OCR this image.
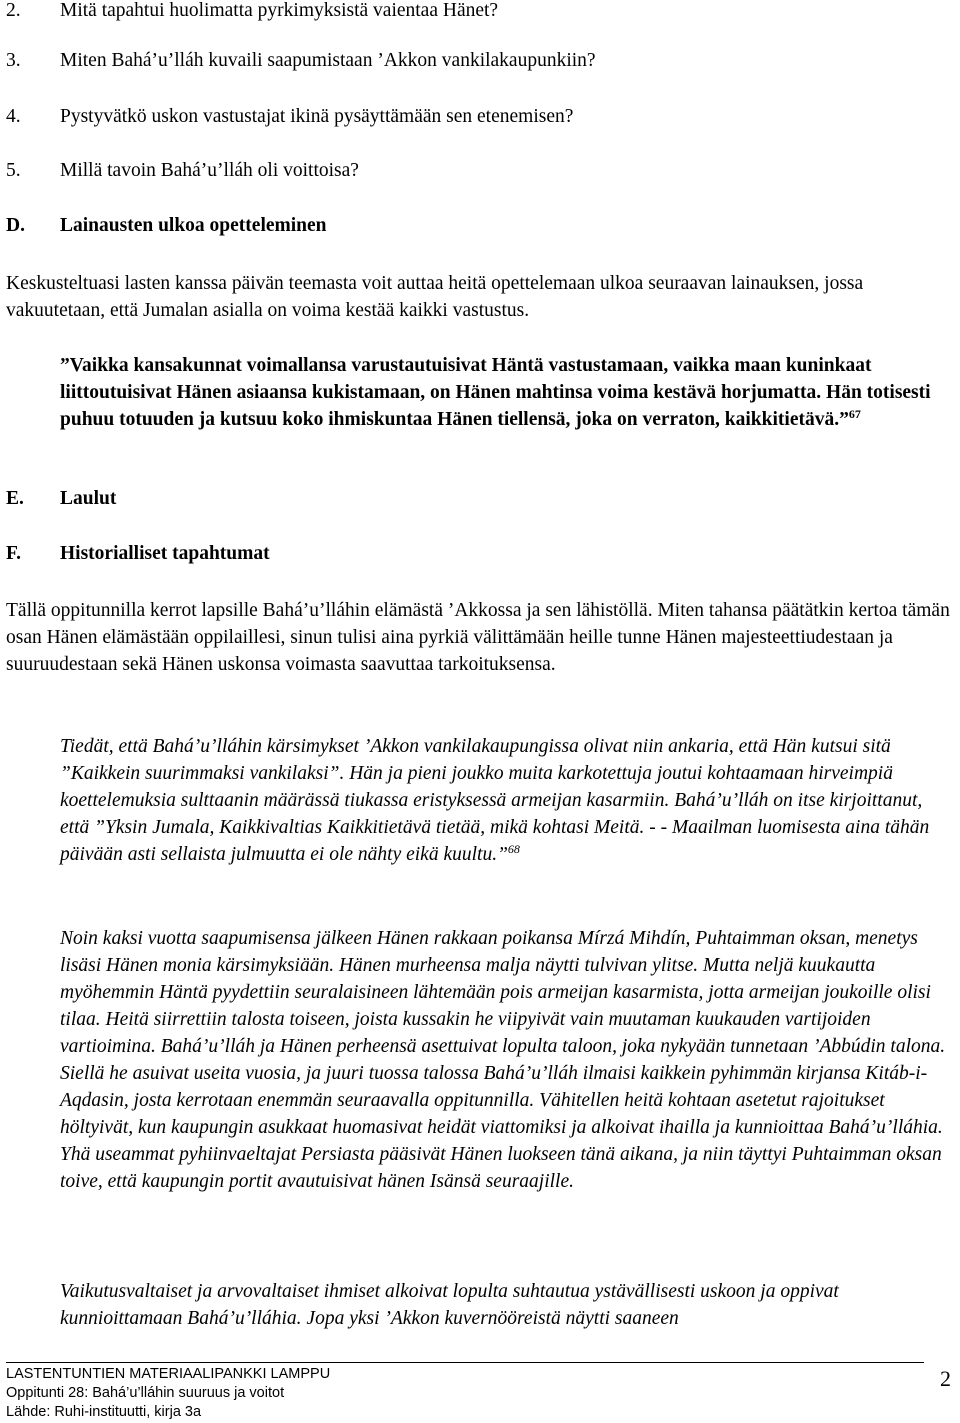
2. Mitä tapahtui huolimatta pyrkimyksistä vaientaa Hänet?
3. Miten Bahá’u’lláh kuvaili saapumistaan ’Akkon vankilakaupunkiin?
4. Pystyvätkö uskon vastustajat ikinä pysäyttämään sen etenemisen?
5. Millä tavoin Bahá’u’lláh oli voittoisa?
D. Lainausten ulkoa opetteleminen
Keskusteltuasi lasten kanssa päivän teemasta voit auttaa heitä opettelemaan ulkoa seuraavan lainauksen, jossa vakuutetaan, että Jumalan asialla on voima kestää kaikki vastustus.
”Vaikka kansakunnat voimallansa varustautuisivat Häntä vastustamaan, vaikka maan kuninkaat liittoutuisivat Hänen asiaansa kukistamaan, on Hänen mahtinsa voima kestävä horjumatta. Hän totisesti puhuu totuuden ja kutsuu koko ihmiskuntaa Hänen tiellensä, joka on verraton, kaikkitietävä.”$^{67}$
E. Laulut
F. Historialliset tapahtumat
Tällä oppitunnilla kerrot lapsille Bahá’u’lláhin elämästä ’Akkossa ja sen lähistöllä. Miten tahansa päätätkin kertoa tämän osan Hänen elämästään oppilaillesi, sinun tulisi aina pyrkiä välittämään heille tunne Hänen majesteettiudestaan ja suuruudestaan sekä Hänen uskonsa voimasta saavuttaa tarkoituksensa.
Tiedät, että Bahá’u’lláhin kärsimykset ’Akkon vankilakaupungissa olivat niin ankaria, että Hän kutsui sitä ”Kaikkein suurimmaksi vankilaksi”. Hän ja pieni joukko muita karkotettuja joutui kohtaamaan hirveimpiä koettelemuksia sulttaanin määrässä tiukassa eristyksessä armeijan kasarmiin. Bahá’u’lláh on itse kirjoittanut, että ”Yksin Jumala, Kaikkivaltias Kaikkitietävä tietää, mikä kohtasi Meitä. - - Maailman luomisesta aina tähän päivään asti sellaista julmuutta ei ole nähty eikä kuultu.”$^{68}$
Noin kaksi vuotta saapumisensa jälkeen Hänen rakkaan poikansa Mírzá Mihdín, Puhtaimman oksan, menetys lisäsi Hänen monia kärsimyksiään. Hänen murheensa malja näytti tulvivan ylitse. Mutta neljä kuukautta myöhemmin Häntä pyydettiin seuralaisineen lähtemään pois armeijan kasarmista, jotta armeijan joukoille olisi tilaa. Heitä siirrettiin talosta toiseen, joista kussakin he viipyivät vain muutaman kuukauden vartijoiden vartioimina. Bahá’u’lláh ja Hänen perheensä asettuivat lopulta taloon, joka nykyään tunnetaan ’Abbúdin talona. Siellä he asuivat useita vuosia, ja juuri tuossa talossa Bahá’u’lláh ilmaisi kaikkein pyhimmän kirjansa Kitáb-i-Aqdasin, josta kerrotaan enemmän seuraavalla oppitunnilla. Vähitellen heitä kohtaan asetetut rajoitukset höltyivät, kun kaupungin asukkaat huomasivat heidät viattomiksi ja alkoivat ihailla ja kunnioittaa Bahá’u’lláhia. Yhä useammat pyhiinvaeltajat Persiasta pääsivät Hänen luokseen tänä aikana, ja niin täyttyi Puhtaimman oksan toive, että kaupungin portit avautuisivat hänen Isänsä seuraajille.
Vaikutusvaltaiset ja arvovaltaiset ihmiset alkoivat lopulta suhtautua ystävällisesti uskoon ja oppivat kunnioittamaan Bahá’u’lláhia. Jopa yksi ’Akkon kuvernööreistä näytti saaneen
LASTENTUNTIEN MATERIAALIPANKKI LAMPPU
Oppitunti 28: Bahá’u’lláhin suuruus ja voitot
Lähde: Ruhi-instituutti, kirja 3a
2
